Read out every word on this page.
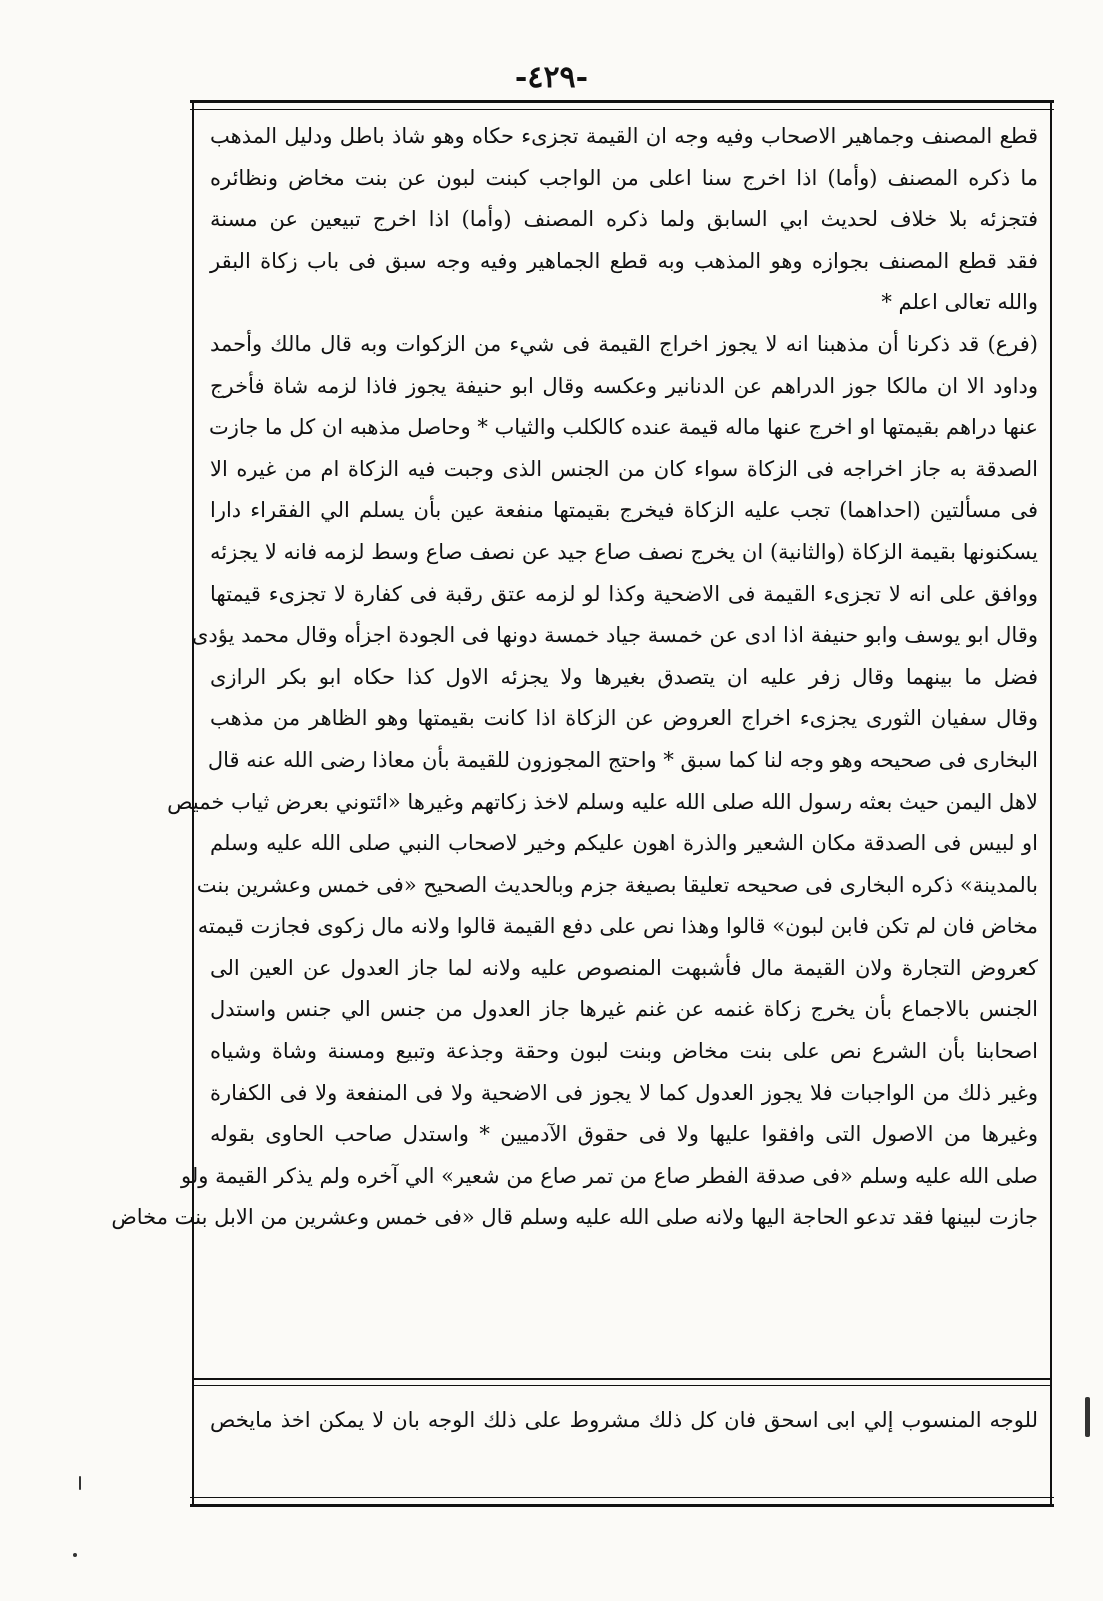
-٤٢٩-
قطع المصنف وجماهير الاصحاب وفيه وجه ان القيمة تجزىء حكاه وهو شاذ باطل ودليل المذهب
ما ذكره المصنف (وأما) اذا اخرج سنا اعلى من الواجب كبنت لبون عن بنت مخاض ونظائره
فتجزئه بلا خلاف لحديث ابي السابق ولما ذكره المصنف (وأما) اذا اخرج تبيعين عن مسنة
فقد قطع المصنف بجوازه وهو المذهب وبه قطع الجماهير وفيه وجه سبق فى باب زكاة البقر
والله تعالى اعلم *
(فرع) قد ذكرنا أن مذهبنا انه لا يجوز اخراج القيمة فى شيء من الزكوات وبه قال مالك وأحمد
وداود الا ان مالكا جوز الدراهم عن الدنانير وعكسه وقال ابو حنيفة يجوز فاذا لزمه شاة فأخرج
عنها دراهم بقيمتها او اخرج عنها ماله قيمة عنده كالكلب والثياب * وحاصل مذهبه ان كل ما جازت
الصدقة به جاز اخراجه فى الزكاة سواء كان من الجنس الذى وجبت فيه الزكاة ام من غيره الا
فى مسألتين (احداهما) تجب عليه الزكاة فيخرج بقيمتها منفعة عين بأن يسلم الي الفقراء دارا
يسكنونها بقيمة الزكاة (والثانية) ان يخرج نصف صاع جيد عن نصف صاع وسط لزمه فانه لا يجزئه
ووافق على انه لا تجزىء القيمة فى الاضحية وكذا لو لزمه عتق رقبة فى كفارة لا تجزىء قيمتها
وقال ابو يوسف وابو حنيفة اذا ادى عن خمسة جياد خمسة دونها فى الجودة اجزأه وقال محمد يؤدى
فضل ما بينهما وقال زفر عليه ان يتصدق بغيرها ولا يجزئه الاول كذا حكاه ابو بكر الرازى
وقال سفيان الثورى يجزىء اخراج العروض عن الزكاة اذا كانت بقيمتها وهو الظاهر من مذهب
البخارى فى صحيحه وهو وجه لنا كما سبق * واحتج المجوزون للقيمة بأن معاذا رضى الله عنه قال
لاهل اليمن حيث بعثه رسول الله صلى الله عليه وسلم لاخذ زكاتهم وغيرها «ائتوني بعرض ثياب خميص
او لبيس فى الصدقة مكان الشعير والذرة اهون عليكم وخير لاصحاب النبي صلى الله عليه وسلم
بالمدينة» ذكره البخارى فى صحيحه تعليقا بصيغة جزم وبالحديث الصحيح «فى خمس وعشرين بنت
مخاض فان لم تكن فابن لبون» قالوا وهذا نص على دفع القيمة قالوا ولانه مال زكوى فجازت قيمته
كعروض التجارة ولان القيمة مال فأشبهت المنصوص عليه ولانه لما جاز العدول عن العين الى
الجنس بالاجماع بأن يخرج زكاة غنمه عن غنم غيرها جاز العدول من جنس الي جنس واستدل
اصحابنا بأن الشرع نص على بنت مخاض وبنت لبون وحقة وجذعة وتبيع ومسنة وشاة وشياه
وغير ذلك من الواجبات فلا يجوز العدول كما لا يجوز فى الاضحية ولا فى المنفعة ولا فى الكفارة
وغيرها من الاصول التى وافقوا عليها ولا فى حقوق الآدميين * واستدل صاحب الحاوى بقوله
صلى الله عليه وسلم «فى صدقة الفطر صاع من تمر صاع من شعير» الي آخره ولم يذكر القيمة ولو
جازت لبينها فقد تدعو الحاجة اليها ولانه صلى الله عليه وسلم قال «فى خمس وعشرين من الابل بنت مخاض
للوجه المنسوب إلي ابى اسحق فان كل ذلك مشروط على ذلك الوجه بان لا يمكن اخذ مايخص
